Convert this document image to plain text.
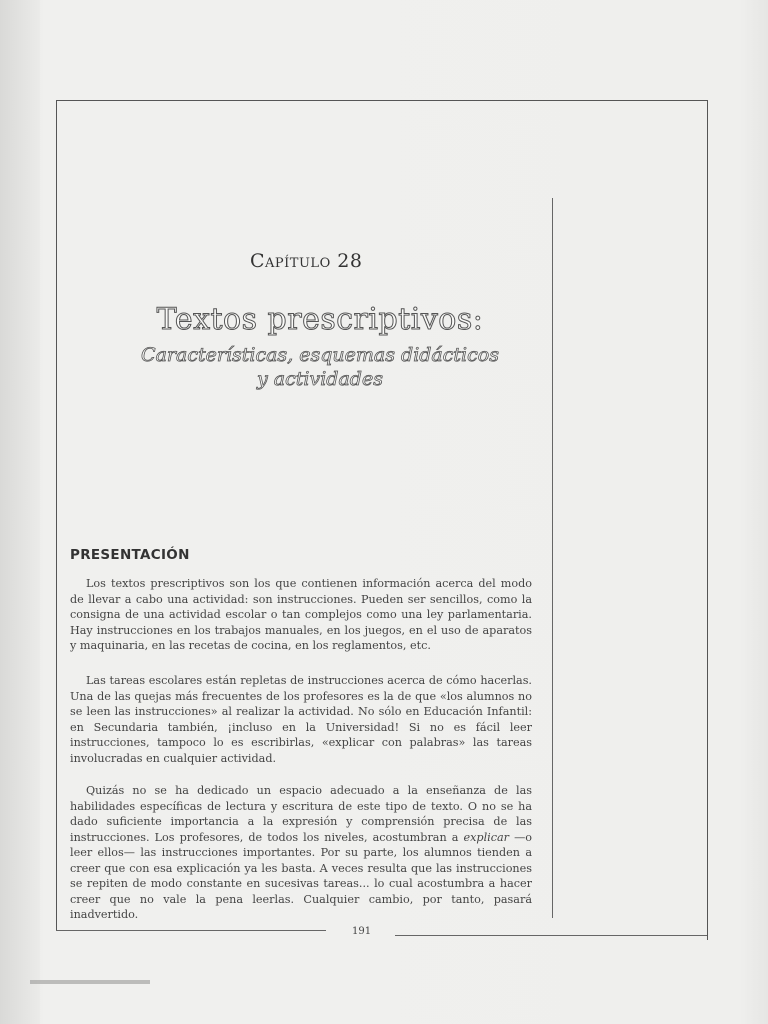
Capítulo 28
Textos prescriptivos:
Características, esquemas didácticos
y actividades
PRESENTACIÓN
Los textos prescriptivos son los que contienen información acerca del modo de llevar a cabo una actividad: son instrucciones. Pueden ser sencillos, como la consigna de una actividad escolar o tan complejos como una ley parlamentaria. Hay instrucciones en los trabajos manuales, en los juegos, en el uso de aparatos y maquinaria, en las recetas de cocina, en los reglamentos, etc.
Las tareas escolares están repletas de instrucciones acerca de cómo hacerlas. Una de las quejas más frecuentes de los profesores es la de que «los alumnos no se leen las instrucciones» al realizar la actividad. No sólo en Educación Infantil: en Secundaria también, ¡incluso en la Universidad! Si no es fácil leer instrucciones, tampoco lo es escribirlas, «explicar con palabras» las tareas involucradas en cualquier actividad.
Quizás no se ha dedicado un espacio adecuado a la enseñanza de las habilidades específicas de lectura y escritura de este tipo de texto. O no se ha dado suficiente importancia a la expresión y comprensión precisa de las instrucciones. Los profesores, de todos los niveles, acostumbran a explicar —o leer ellos— las instrucciones importantes. Por su parte, los alumnos tienden a creer que con esa explicación ya les basta. A veces resulta que las instrucciones se repiten de modo constante en sucesivas tareas... lo cual acostumbra a hacer creer que no vale la pena leerlas. Cualquier cambio, por tanto, pasará inadvertido.
191
